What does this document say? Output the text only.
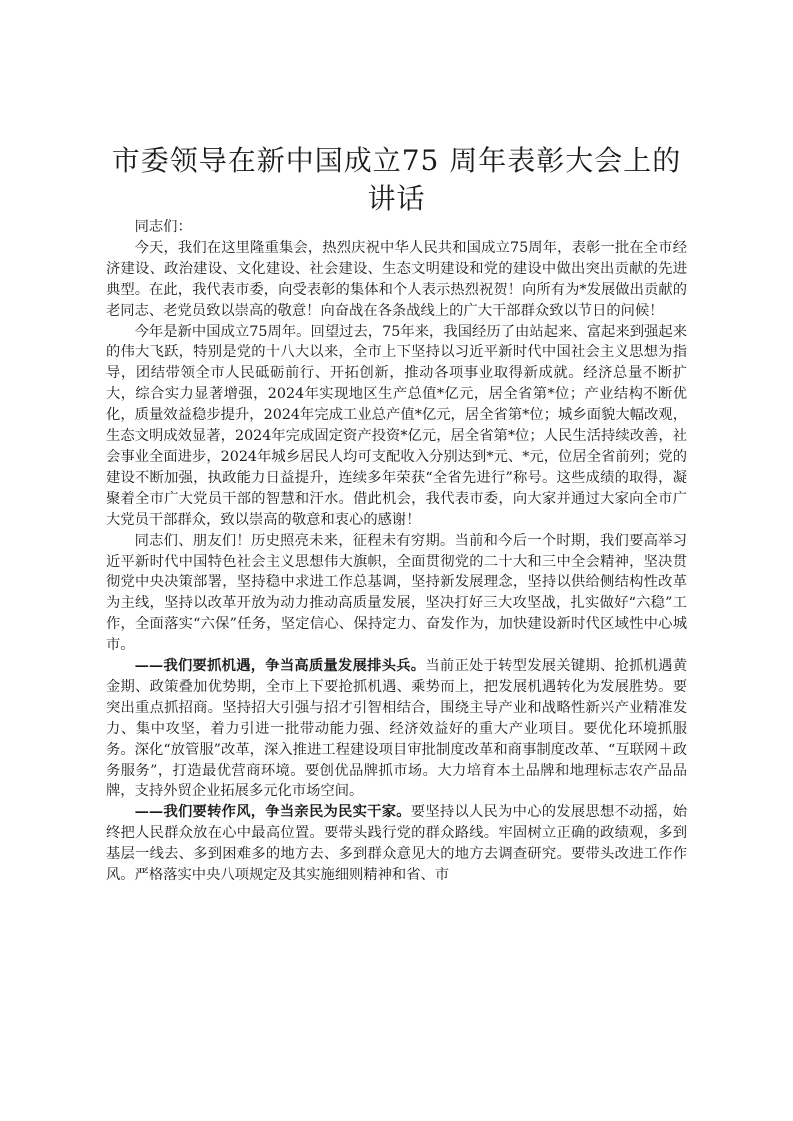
市委领导在新中国成立75 周年表彰大会上的讲话

同志们：

今天，我们在这里隆重集会，热烈庆祝中华人民共和国成立75周年，表彰一批在全市经济建设、政治建设、文化建设、社会建设、生态文明建设和党的建设中做出突出贡献的先进典型。在此，我代表市委，向受表彰的集体和个人表示热烈祝贺！向所有为*发展做出贡献的老同志、老党员致以崇高的敬意！向奋战在各条战线上的广大干部群众致以节日的问候！

今年是新中国成立75周年。回望过去，75年来，我国经历了由站起来、富起来到强起来的伟大飞跃，特别是党的十八大以来，全市上下坚持以习近平新时代中国社会主义思想为指导，团结带领全市人民砥砺前行、开拓创新，推动各项事业取得新成就。经济总量不断扩大，综合实力显著增强，2024年实现地区生产总值*亿元，居全省第*位；产业结构不断优化，质量效益稳步提升，2024年完成工业总产值*亿元，居全省第*位；城乡面貌大幅改观，生态文明成效显著，2024年完成固定资产投资*亿元，居全省第*位；人民生活持续改善，社会事业全面进步，2024年城乡居民人均可支配收入分别达到*元、*元，位居全省前列；党的建设不断加强，执政能力日益提升，连续多年荣获“全省先进行”称号。这些成绩的取得，凝聚着全市广大党员干部的智慧和汗水。借此机会，我代表市委，向大家并通过大家向全市广大党员干部群众，致以崇高的敬意和衷心的感谢！

同志们、朋友们！历史照亮未来，征程未有穷期。当前和今后一个时期，我们要高举习近平新时代中国特色社会主义思想伟大旗帜，全面贯彻党的二十大和三中全会精神，坚决贯彻党中央决策部署，坚持稳中求进工作总基调，坚持新发展理念，坚持以供给侧结构性改革为主线，坚持以改革开放为动力推动高质量发展，坚决打好三大攻坚战，扎实做好“六稳”工作，全面落实“六保”任务，坚定信心、保持定力、奋发作为，加快建设新时代区域性中心城市。

——我们要抓机遇，争当高质量发展排头兵。当前正处于转型发展关键期、抢抓机遇黄金期、政策叠加优势期，全市上下要抢抓机遇、乘势而上，把发展机遇转化为发展胜势。要突出重点抓招商。坚持招大引强与招才引智相结合，围绕主导产业和战略性新兴产业精准发力、集中攻坚，着力引进一批带动能力强、经济效益好的重大产业项目。要优化环境抓服务。深化“放管服”改革，深入推进工程建设项目审批制度改革和商事制度改革、“互联网＋政务服务”，打造最优营商环境。要创优品牌抓市场。大力培育本土品牌和地理标志农产品品牌，支持外贸企业拓展多元化市场空间。

——我们要转作风，争当亲民为民实干家。要坚持以人民为中心的发展思想不动摇，始终把人民群众放在心中最高位置。要带头践行党的群众路线。牢固树立正确的政绩观，多到基层一线去、多到困难多的地方去、多到群众意见大的地方去调查研究。要带头改进工作作风。严格落实中央八项规定及其实施细则精神和省、市
